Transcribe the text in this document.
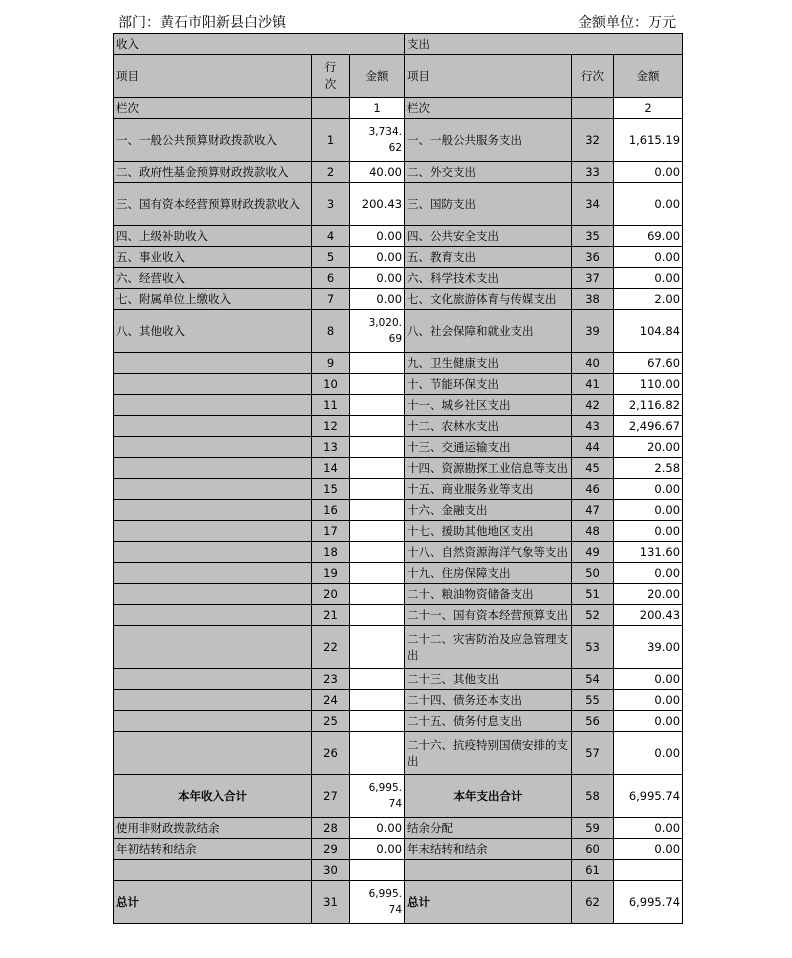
部门：黄石市阳新县白沙镇	金额单位：万元
收入			支出		
项目	行次	金额	项目	行次	金额
栏次		1	栏次		2
一、一般公共预算财政拨款收入	1	3,734.62	一、一般公共服务支出	32	1,615.19
二、政府性基金预算财政拨款收入	2	40.00	二、外交支出	33	0.00
三、国有资本经营预算财政拨款收入	3	200.43	三、国防支出	34	0.00
四、上级补助收入	4	0.00	四、公共安全支出	35	69.00
五、事业收入	5	0.00	五、教育支出	36	0.00
六、经营收入	6	0.00	六、科学技术支出	37	0.00
七、附属单位上缴收入	7	0.00	七、文化旅游体育与传媒支出	38	2.00
八、其他收入	8	3,020.69	八、社会保障和就业支出	39	104.84
	9		九、卫生健康支出	40	67.60
	10		十、节能环保支出	41	110.00
	11		十一、城乡社区支出	42	2,116.82
	12		十二、农林水支出	43	2,496.67
	13		十三、交通运输支出	44	20.00
	14		十四、资源勘探工业信息等支出	45	2.58
	15		十五、商业服务业等支出	46	0.00
	16		十六、金融支出	47	0.00
	17		十七、援助其他地区支出	48	0.00
	18		十八、自然资源海洋气象等支出	49	131.60
	19		十九、住房保障支出	50	0.00
	20		二十、粮油物资储备支出	51	20.00
	21		二十一、国有资本经营预算支出	52	200.43
	22		二十二、灾害防治及应急管理支出	53	39.00
	23		二十三、其他支出	54	0.00
	24		二十四、债务还本支出	55	0.00
	25		二十五、债务付息支出	56	0.00
	26		二十六、抗疫特别国债安排的支出	57	0.00
本年收入合计	27	6,995.74	本年支出合计	58	6,995.74
使用非财政拨款结余	28	0.00	结余分配	59	0.00
年初结转和结余	29	0.00	年末结转和结余	60	0.00
	30			61	
总计	31	6,995.74	总计	62	6,995.74
